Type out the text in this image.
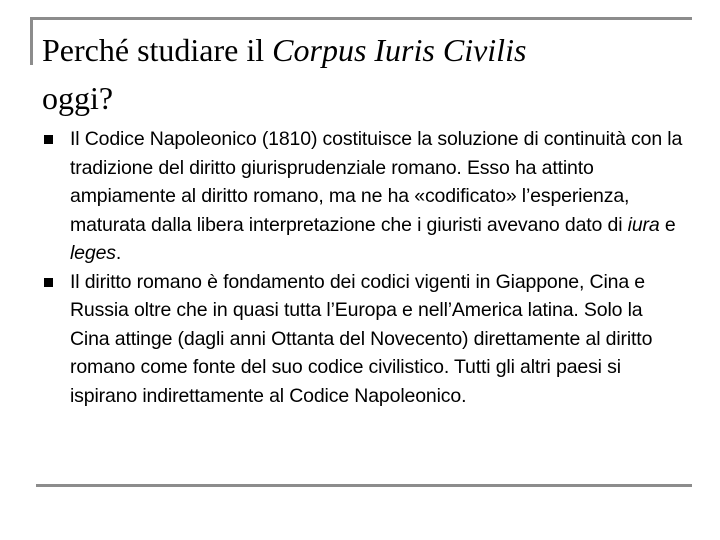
Perché studiare il Corpus Iuris Civilis
oggi?
Il Codice Napoleonico (1810) costituisce la soluzione di continuità con la tradizione del diritto giurisprudenziale romano. Esso ha attinto ampiamente al diritto romano, ma ne ha «codificato» l’esperienza, maturata dalla libera interpretazione che i giuristi avevano dato di iura e leges.
Il diritto romano è fondamento dei codici vigenti in Giappone, Cina e Russia oltre che in quasi tutta l’Europa e nell’America latina. Solo la Cina attinge (dagli anni Ottanta del Novecento) direttamente al diritto romano come fonte del suo codice civilistico. Tutti gli altri paesi si ispirano indirettamente al Codice Napoleonico.
